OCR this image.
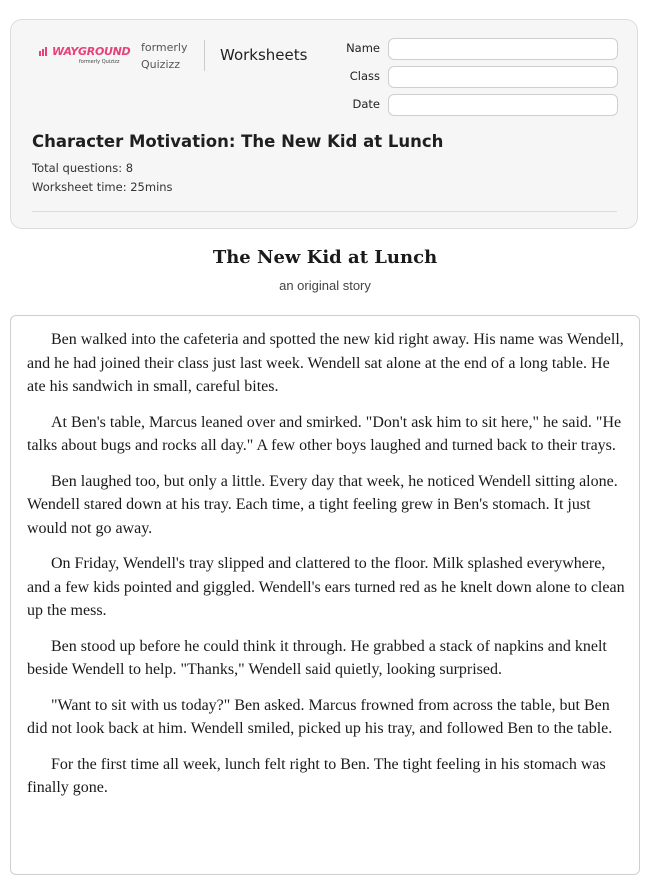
WAYGROUND
formerly Quizizz
formerly
Quizizz
Worksheets	Name
Class
Date
Character Motivation: The New Kid at Lunch
Total questions: 8
Worksheet time: 25mins
The New Kid at Lunch
an original story

Ben walked into the cafeteria and spotted the new kid right away. His name was Wendell, and he had joined their class just last week. Wendell sat alone at the end of a long table. He ate his sandwich in small, careful bites.

At Ben's table, Marcus leaned over and smirked. "Don't ask him to sit here," he said. "He talks about bugs and rocks all day." A few other boys laughed and turned back to their trays.

Ben laughed too, but only a little. Every day that week, he noticed Wendell sitting alone. Wendell stared down at his tray. Each time, a tight feeling grew in Ben's stomach. It just would not go away.

On Friday, Wendell's tray slipped and clattered to the floor. Milk splashed everywhere, and a few kids pointed and giggled. Wendell's ears turned red as he knelt down alone to clean up the mess.

Ben stood up before he could think it through. He grabbed a stack of napkins and knelt beside Wendell to help. "Thanks," Wendell said quietly, looking surprised.

"Want to sit with us today?" Ben asked. Marcus frowned from across the table, but Ben did not look back at him. Wendell smiled, picked up his tray, and followed Ben to the table.

For the first time all week, lunch felt right to Ben. The tight feeling in his stomach was finally gone.
